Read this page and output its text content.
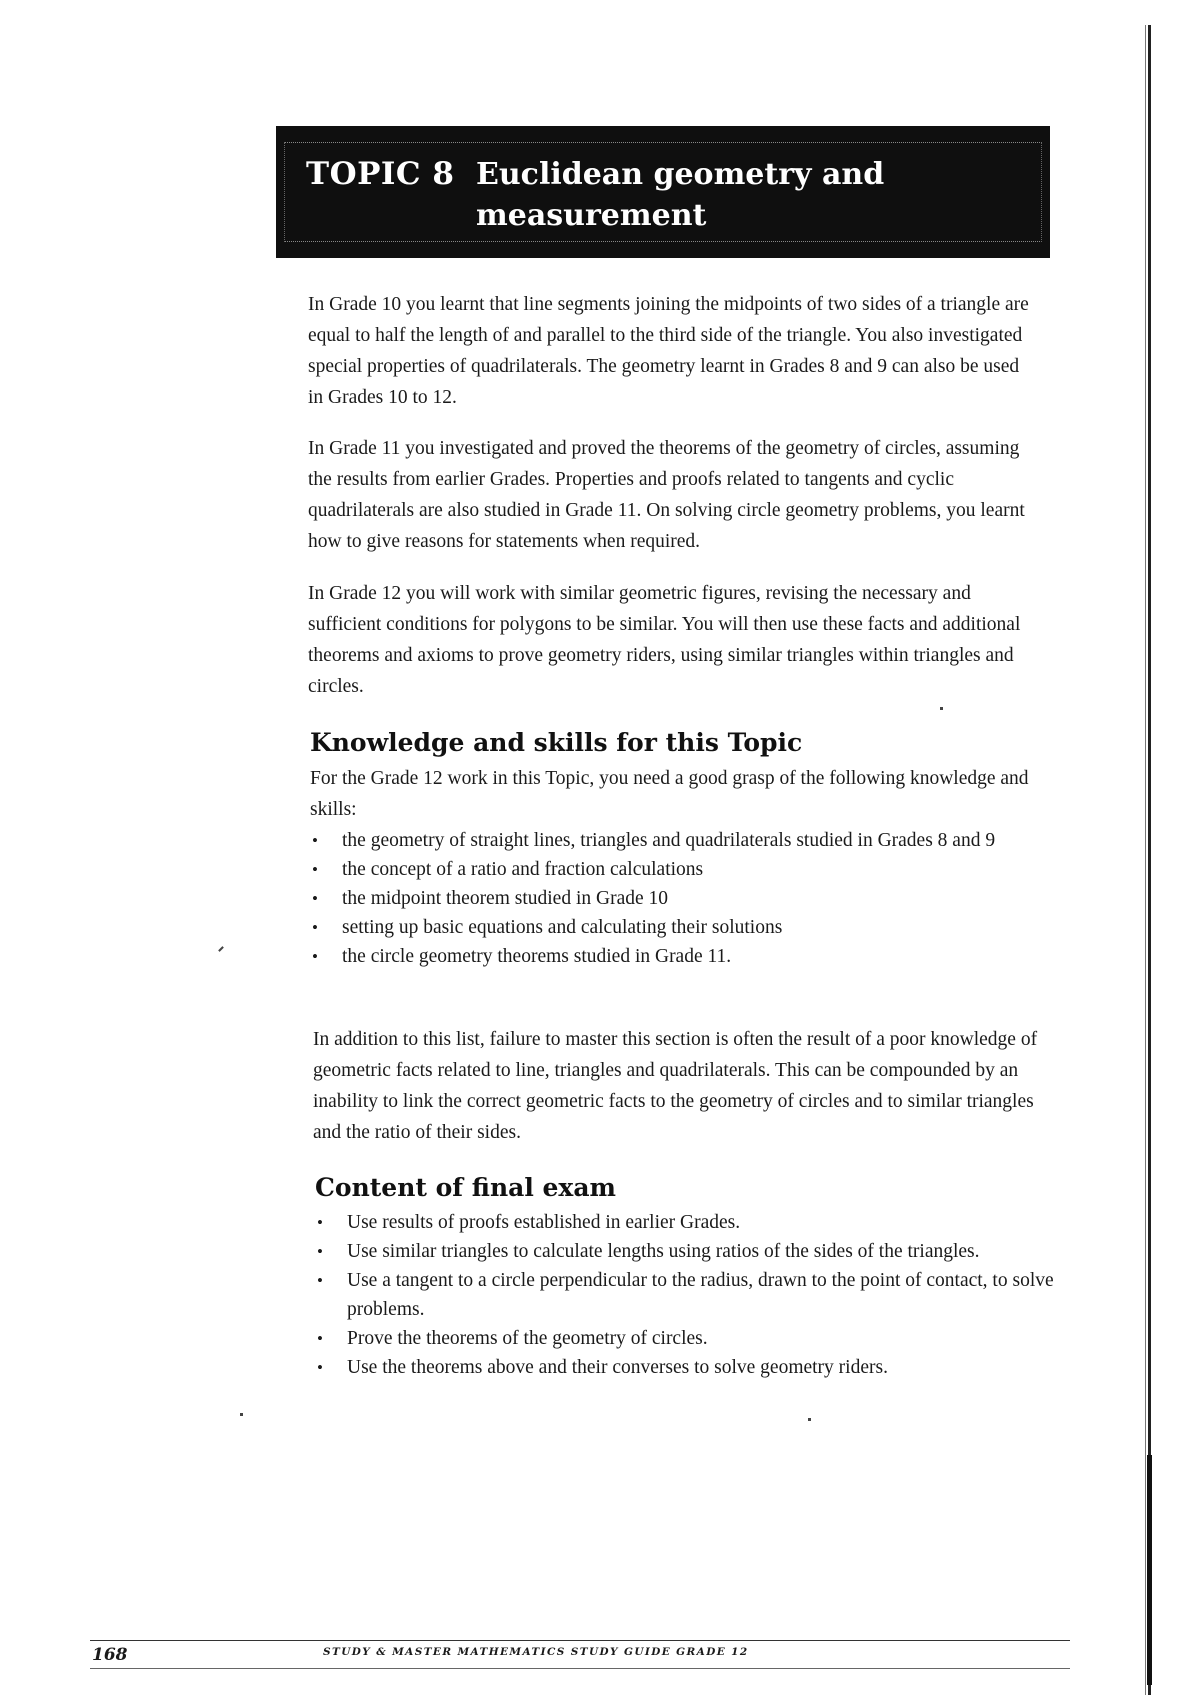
TOPIC 8 Euclidean geometry and measurement

In Grade 10 you learnt that line segments joining the midpoints of two sides of a triangle are equal to half the length of and parallel to the third side of the triangle. You also investigated special properties of quadrilaterals. The geometry learnt in Grades 8 and 9 can also be used in Grades 10 to 12.

In Grade 11 you investigated and proved the theorems of the geometry of circles, assuming the results from earlier Grades. Properties and proofs related to tangents and cyclic quadrilaterals are also studied in Grade 11. On solving circle geometry problems, you learnt how to give reasons for statements when required.

In Grade 12 you will work with similar geometric figures, revising the necessary and sufficient conditions for polygons to be similar. You will then use these facts and additional theorems and axioms to prove geometry riders, using similar triangles within triangles and circles.

Knowledge and skills for this Topic

For the Grade 12 work in this Topic, you need a good grasp of the following knowledge and skills:

• the geometry of straight lines, triangles and quadrilaterals studied in Grades 8 and 9
• the concept of a ratio and fraction calculations
• the midpoint theorem studied in Grade 10
• setting up basic equations and calculating their solutions
• the circle geometry theorems studied in Grade 11.

In addition to this list, failure to master this section is often the result of a poor knowledge of geometric facts related to line, triangles and quadrilaterals. This can be compounded by an inability to link the correct geometric facts to the geometry of circles and to similar triangles and the ratio of their sides.

Content of final exam
• Use results of proofs established in earlier Grades.
• Use similar triangles to calculate lengths using ratios of the sides of the triangles.
• Use a tangent to a circle perpendicular to the radius, drawn to the point of contact, to solve problems.
• Prove the theorems of the geometry of circles.
• Use the theorems above and their converses to solve geometry riders.
168	STUDY & MASTER MATHEMATICS STUDY GUIDE GRADE 12
